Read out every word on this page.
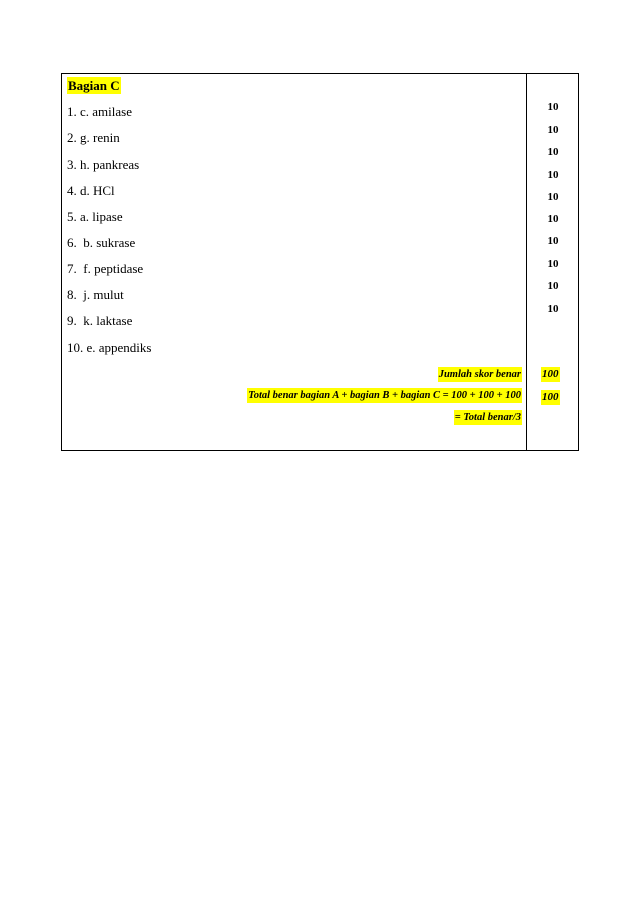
Bagian C
1. c. amilase
2. g. renin
3. h. pankreas
4. d. HCl
5. a. lipase
6.  b. sukrase
7.  f. peptidase
8.  j. mulut
9.  k. laktase
10. e. appendiks
Jumlah skor benar
Total benar bagian A + bagian B + bagian C = 100 + 100 + 100
= Total benar/3
10
10
10
10
10
10
10
10
10
10
100
100
